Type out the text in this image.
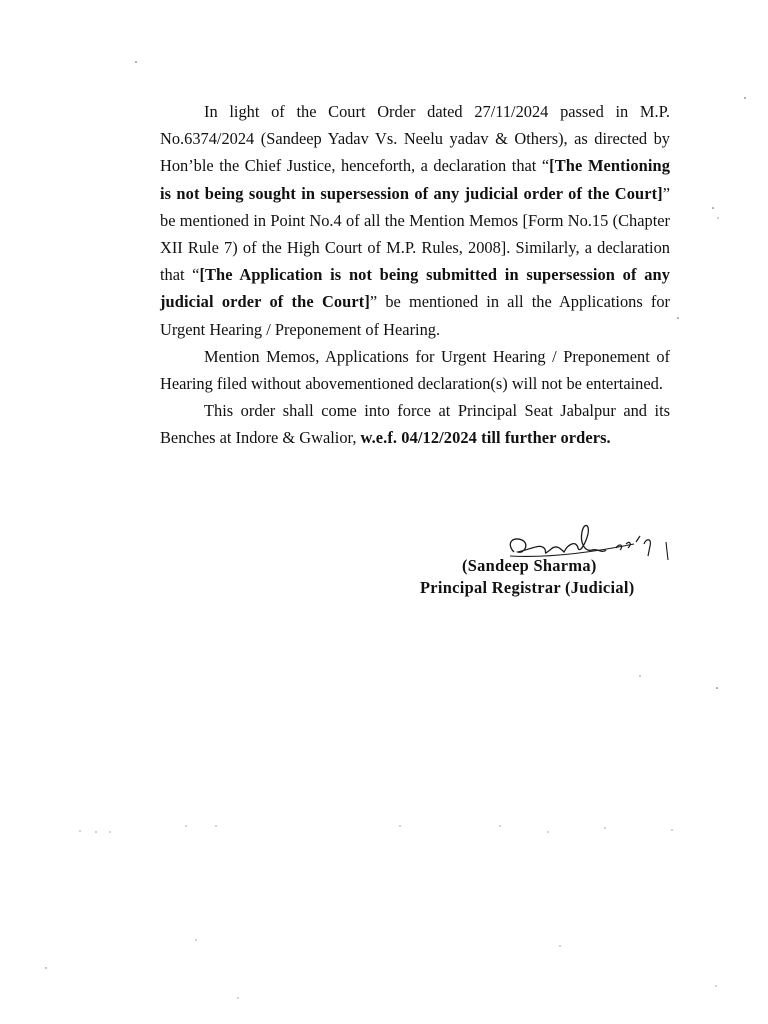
In light of the Court Order dated 27/11/2024 passed in M.P. No.6374/2024 (Sandeep Yadav Vs. Neelu yadav & Others), as directed by Hon’ble the Chief Justice, henceforth, a declaration that “[The Mentioning is not being sought in supersession of any judicial order of the Court]” be mentioned in Point No.4 of all the Mention Memos [Form No.15 (Chapter XII Rule 7) of the High Court of M.P. Rules, 2008]. Similarly, a declaration that “[The Application is not being submitted in supersession of any judicial order of the Court]” be mentioned in all the Applications for Urgent Hearing / Preponement of Hearing.

Mention Memos, Applications for Urgent Hearing / Preponement of Hearing filed without abovementioned declaration(s) will not be entertained.

This order shall come into force at Principal Seat Jabalpur and its Benches at Indore & Gwalior, w.e.f. 04/12/2024 till further orders.

(Sandeep Sharma)
Principal Registrar (Judicial)
